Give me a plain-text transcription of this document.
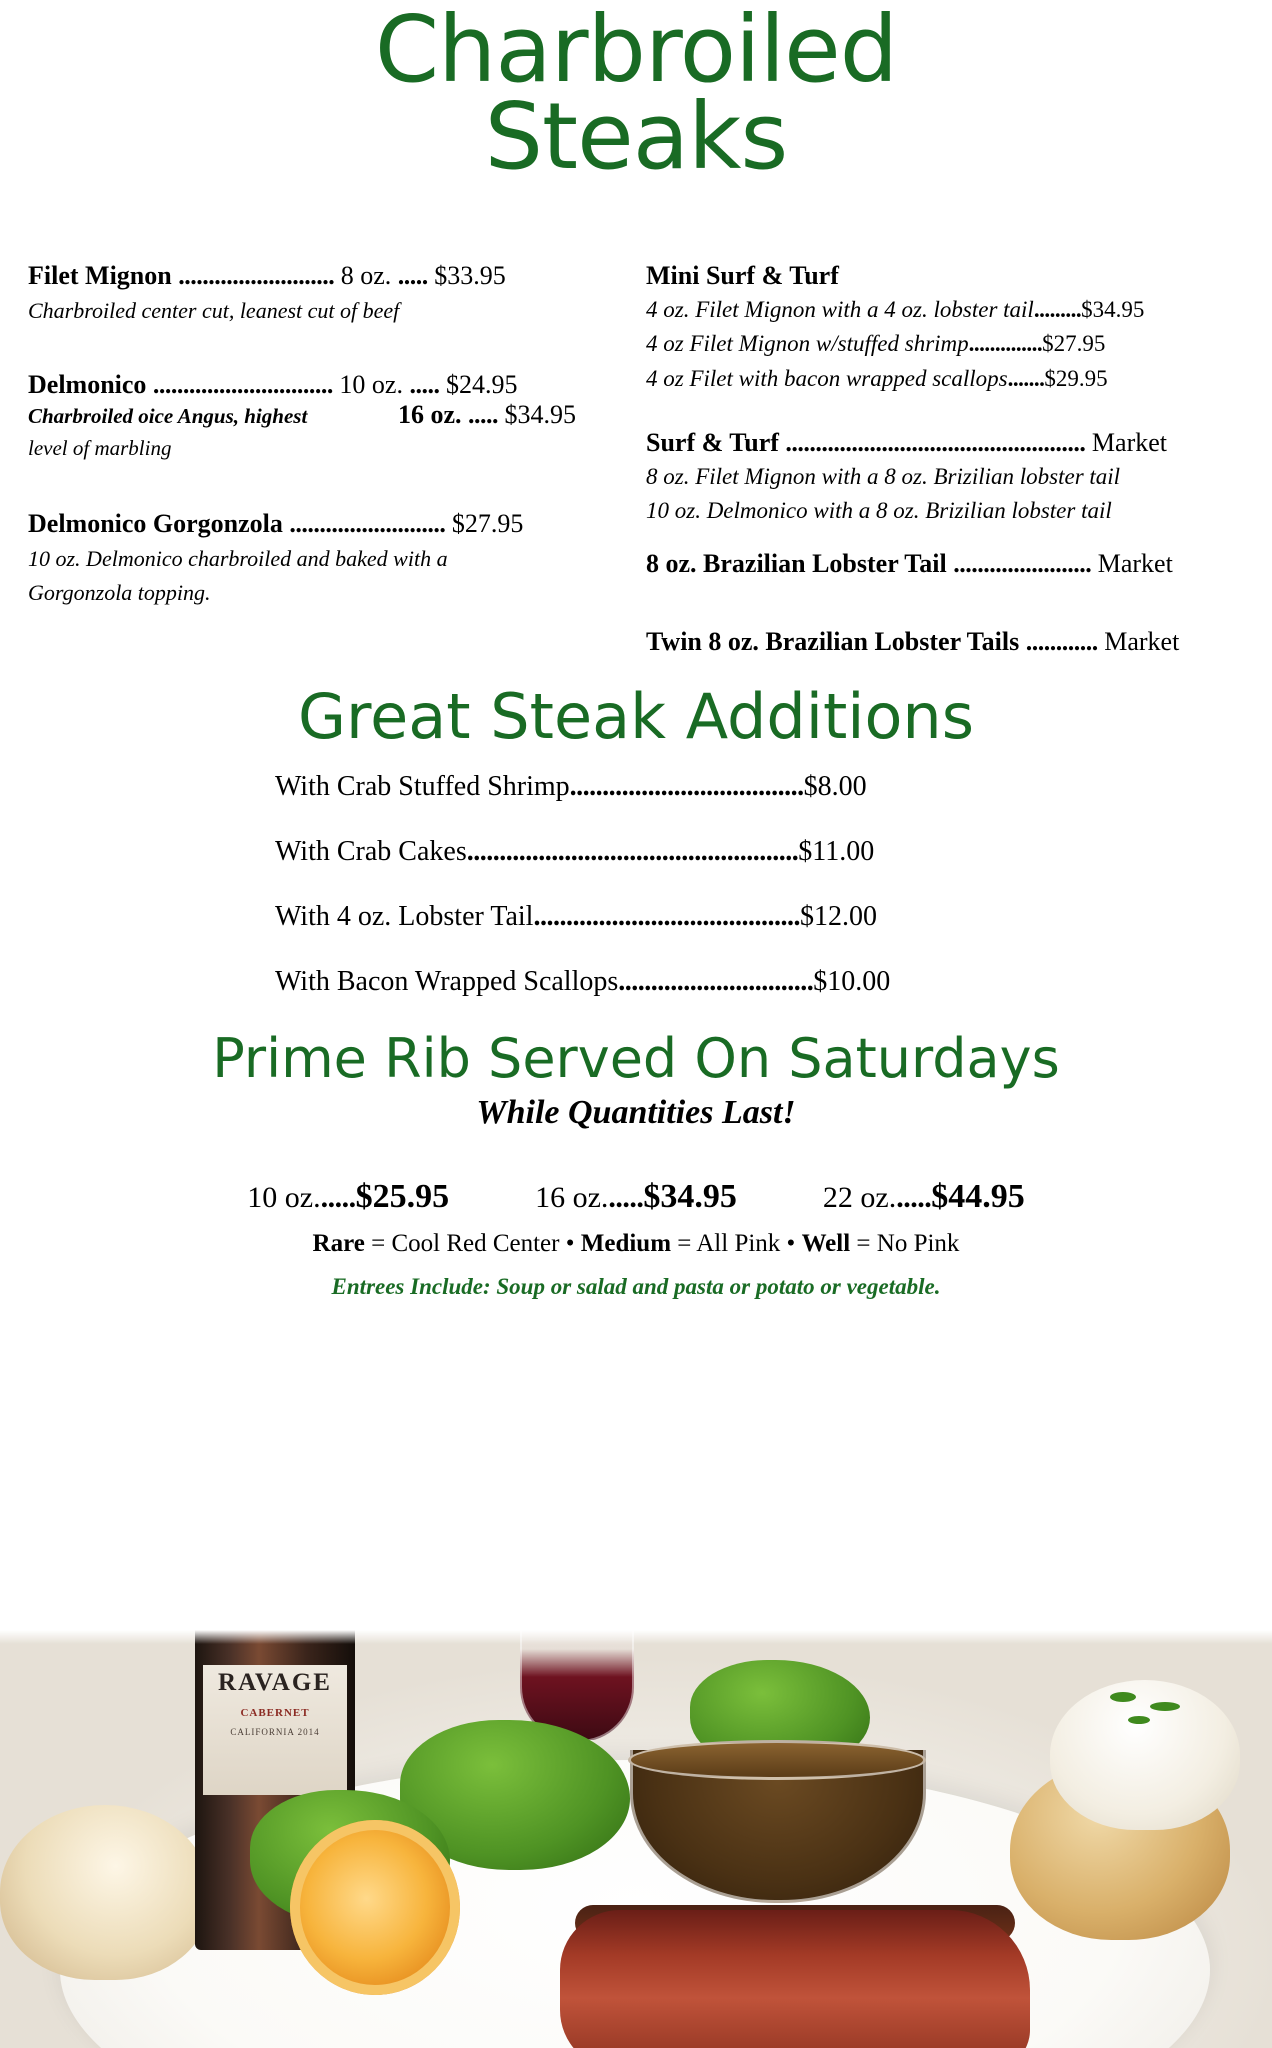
Charbroiled
Steaks
Filet Mignon .......................... 8 oz. ..... $33.95
Charbroiled center cut, leanest cut of beef
Delmonico .............................. 10 oz. ..... $24.95
Charbroiled oice Angus, highest	16 oz. ..... $34.95
level of marbling
Delmonico Gorgonzola .......................... $27.95
10 oz. Delmonico charbroiled and baked with a
Gorgonzola topping.
Mini Surf & Turf
4 oz. Filet Mignon with a 4 oz. lobster tail.........$34.95
4 oz Filet Mignon w/stuffed shrimp..............$27.95
4 oz Filet with bacon wrapped scallops.......$29.95
Surf & Turf .................................................. Market
8 oz. Filet Mignon with a 8 oz. Brizilian lobster tail
10 oz. Delmonico with a 8 oz. Brizilian lobster tail
8 oz. Brazilian Lobster Tail ....................... Market
Twin 8 oz. Brazilian Lobster Tails ............ Market
Great Steak Additions
With Crab Stuffed Shrimp....................................$8.00
With Crab Cakes...................................................$11.00
With 4 oz. Lobster Tail.........................................$12.00
With Bacon Wrapped Scallops..............................$10.00
Prime Rib Served On Saturdays
While Quantities Last!
10 oz......$25.95	16 oz......$34.95	22 oz......$44.95
Rare = Cool Red Center • Medium = All Pink • Well = No Pink
Entrees Include: Soup or salad and pasta or potato or vegetable.
RAVAGE
CABERNET
CALIFORNIA 2014
